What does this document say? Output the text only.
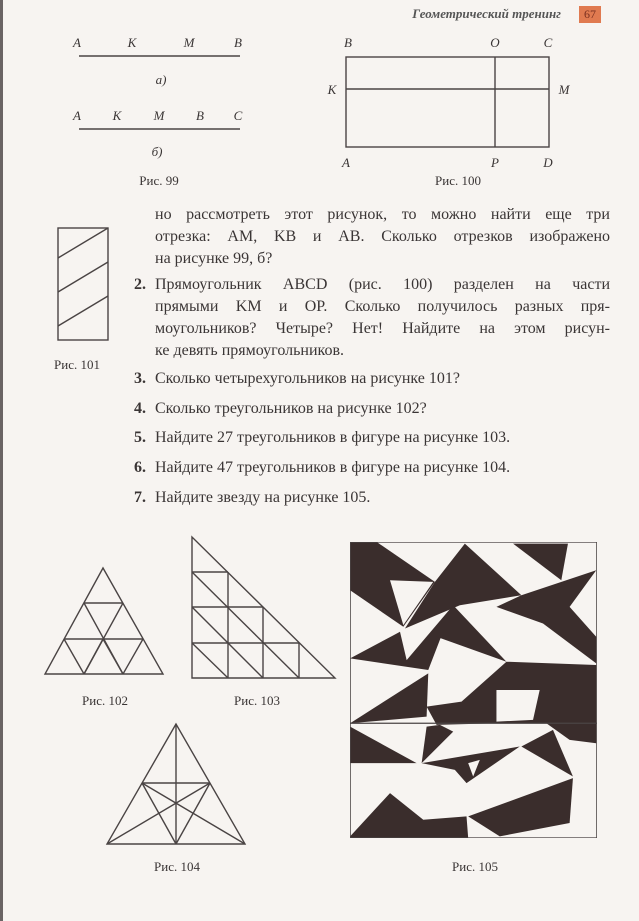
Геометрический тренинг	67
A	K	M	B
а)
A K M B C
б)
Рис. 99
B	O	C
K	M
A	P	D
Рис. 100
Рис. 101
Рис. 102	Рис. 103
Рис. 104	Рис. 105
но рассмотреть этот рисунок, то можно найти еще три
отрезка: AM, KB и AB. Сколько отрезков изображено
на рисунке 99, б?
2. Прямоугольник ABCD (рис. 100) разделен на части
прямыми KM и OP. Сколько получилось разных пря-
моугольников? Четыре? Нет! Найдите на этом рисун-
ке девять прямоугольников.
3. Сколько четырехугольников на рисунке 101?
4. Сколько треугольников на рисунке 102?
5. Найдите 27 треугольников в фигуре на рисунке 103.
6. Найдите 47 треугольников в фигуре на рисунке 104.
7. Найдите звезду на рисунке 105.
